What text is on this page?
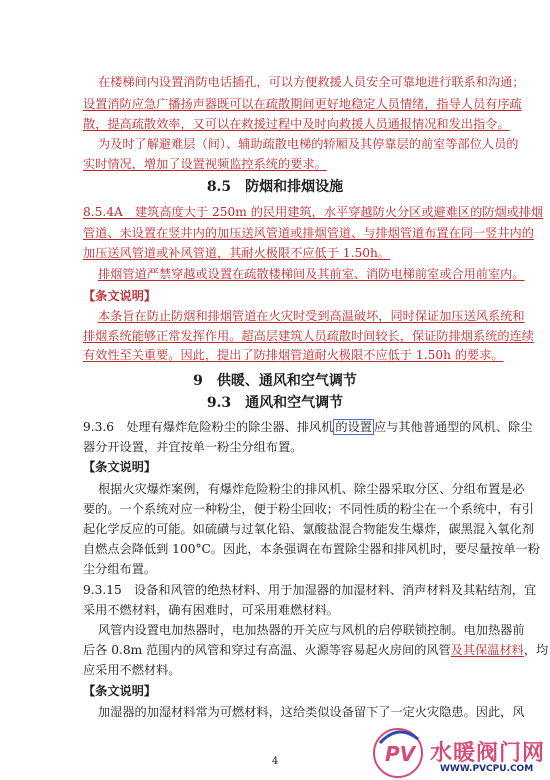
在楼梯间内设置消防电话插孔，可以方便救援人员安全可靠地进行联系和沟通；
设置消防应急广播扬声器既可以在疏散期间更好地稳定人员情绪，指导人员有序疏
散，提高疏散效率，又可以在救援过程中及时向救援人员通报情况和发出指令。
为及时了解避难层（间）、辅助疏散电梯的轿厢及其停靠层的前室等部位人员的
实时情况，增加了设置视频监控系统的要求。
8.5　防烟和排烟设施
8.5.4A　建筑高度大于 250m 的民用建筑，水平穿越防火分区或避难区的防烟或排烟
管道、未设置在竖井内的加压送风管道或排烟管道、与排烟管道布置在同一竖井内的
加压送风管道或补风管道，其耐火极限不应低于 1.50h。
排烟管道严禁穿越或设置在疏散楼梯间及其前室、消防电梯前室或合用前室内。
【条文说明】
本条旨在防止防烟和排烟管道在火灾时受到高温破坏，同时保证加压送风系统和
排烟系统能够正常发挥作用。超高层建筑人员疏散时间较长，保证防排烟系统的连续
有效性至关重要。因此，提出了防排烟管道耐火极限不应低于 1.50h 的要求。
9　供暖、通风和空气调节
9.3　通风和空气调节
9.3.6　处理有爆炸危险粉尘的除尘器、排风机 的设置 应与其他普通型的风机、除尘
器分开设置，并宜按单一粉尘分组布置。
【条文说明】
根据火灾爆炸案例，有爆炸危险粉尘的排风机、除尘器采取分区、分组布置是必
要的。一个系统对应一种粉尘，便于粉尘回收；不同性质的粉尘在一个系统中，有引
起化学反应的可能。如硫磺与过氧化铅、氯酸盐混合物能发生爆炸，碳黑混入氧化剂
自燃点会降低到 100°C。因此，本条强调在布置除尘器和排风机时，要尽量按单一粉
尘分组布置。
9.3.15　设备和风管的绝热材料、用于加湿器的加湿材料、消声材料及其粘结剂，宜
采用不燃材料，确有困难时，可采用难燃材料。
风管内设置电加热器时，电加热器的开关应与风机的启停联锁控制。电加热器前
后各 0.8m 范围内的风管和穿过有高温、火源等容易起火房间的风管及其保温材料，均
应采用不燃材料。
【条文说明】
加湿器的加湿材料常为可燃材料，这给类似设备留下了一定火灾隐患。因此，风
4	PV 水暖阀门网
WWW.PVCPU.COM
